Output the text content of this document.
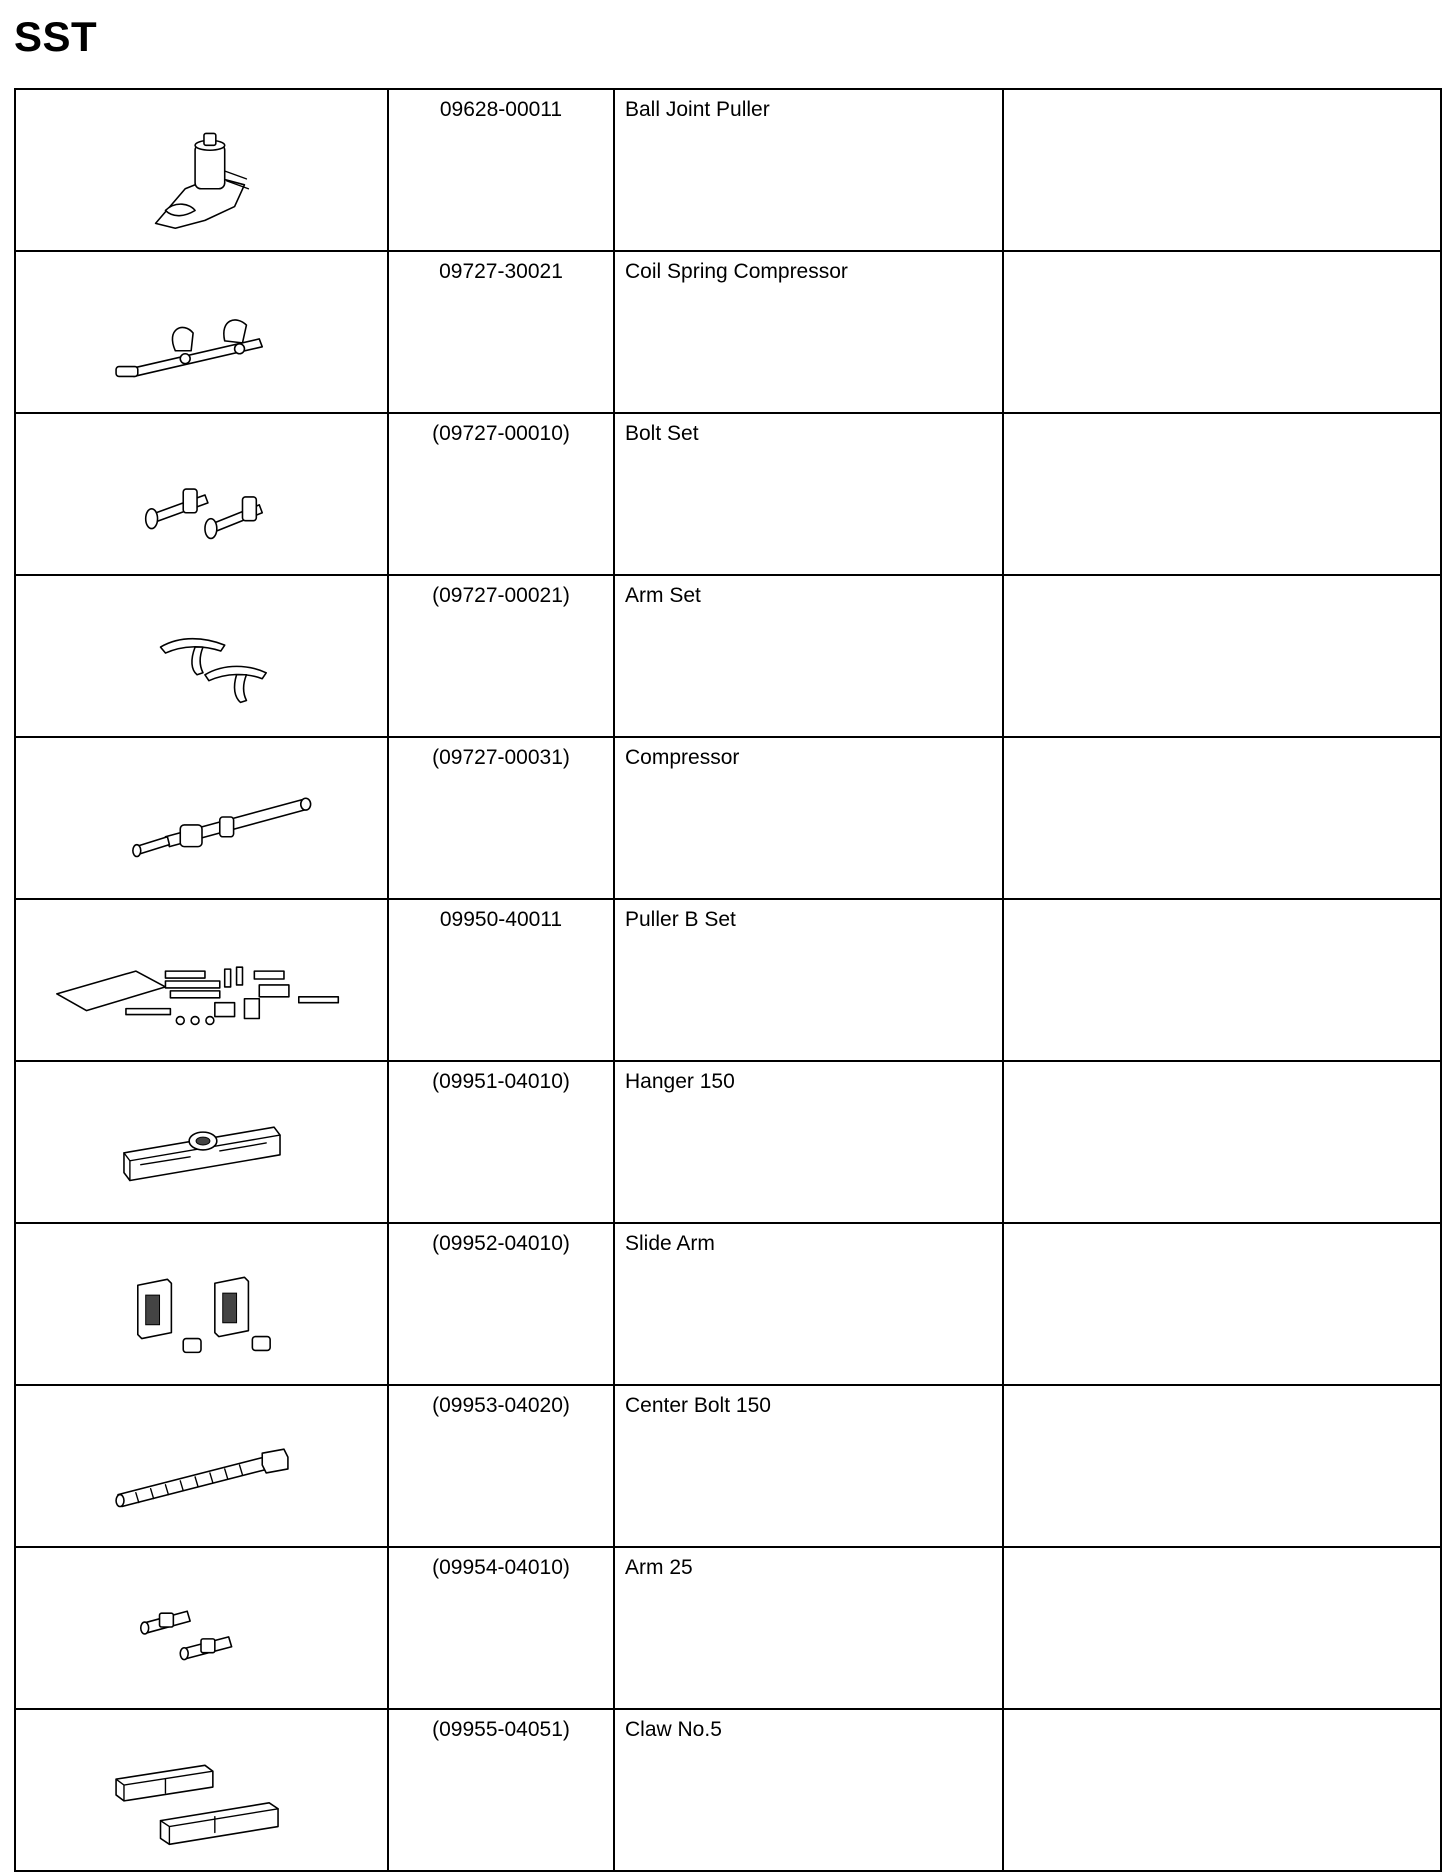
SST

09628-00011	Ball Joint Puller	

09727-30021	Coil Spring Compressor	

(09727-00010)	Bolt Set	

(09727-00021)	Arm Set	

(09727-00031)	Compressor	

09950-40011	Puller B Set	

(09951-04010)	Hanger 150	

(09952-04010)	Slide Arm	

(09953-04020)	Center Bolt 150	

(09954-04010)	Arm 25	

(09955-04051)	Claw No.5	
